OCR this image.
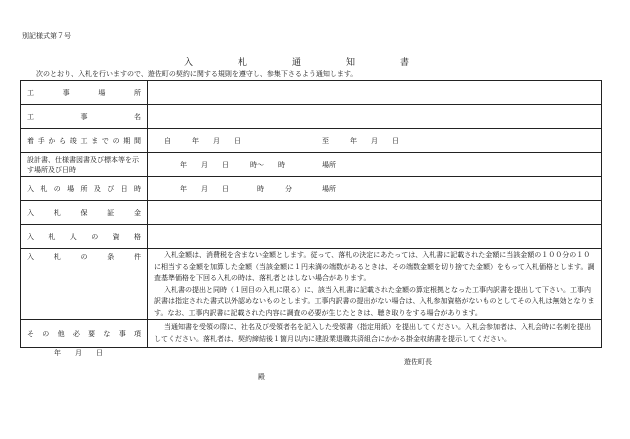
別記様式第７号
入　札　通　知　書
次のとおり、入札を行いますので、遊佐町の契約に関する規則を遵守し、参集下さるよう通知します。
工事場所	
工事名	
着手から竣工までの期間	自　　　年　　月　　日 至　　　年　　月　　日

設計書、仕様書図書及び標本等を示す場所及び日時	年　　月　　日　　　時～　　時 場所

入札の場所及び日時	年　　月　　日　　　　時　　　分 場所

入札保証金	
入札人の資格	
入札の条件	入札金額は、消費税を含まない金額とします。従って、落札の決定にあたっては、入札書に記載された金額に当該金額の１００分の１０に相当する金額を加算した金額（当該金額に１円未満の端数があるときは、その端数金額を切り捨てた金額）をもって入札価格とします。調査基準価格を下回る入札の時は、落札者とはしない場合があります。

入札書の提出と同時（１回目の入札に限る）に、該当入札書に記載された金額の算定根拠となった工事内訳書を提出して下さい。工事内訳書は指定された書式以外認めないものとします。工事内訳書の提出がない場合は、入札参加資格がないものとしてその入札は無効となります。なお、工事内訳書に記載された内容に調査の必要が生じたときは、聴き取りをする場合があります。

その他必要な事項	当通知書を受領の際に、社名及び受領者名を記入した受領書（指定用紙）を提出してください。入札会参加者は、入札会時に名刺を提出してください。落札者は、契約締結後１箇月以内に建設業退職共済組合にかかる掛金収納書を提示してください。

年　　月　　日
遊佐町長
殿
